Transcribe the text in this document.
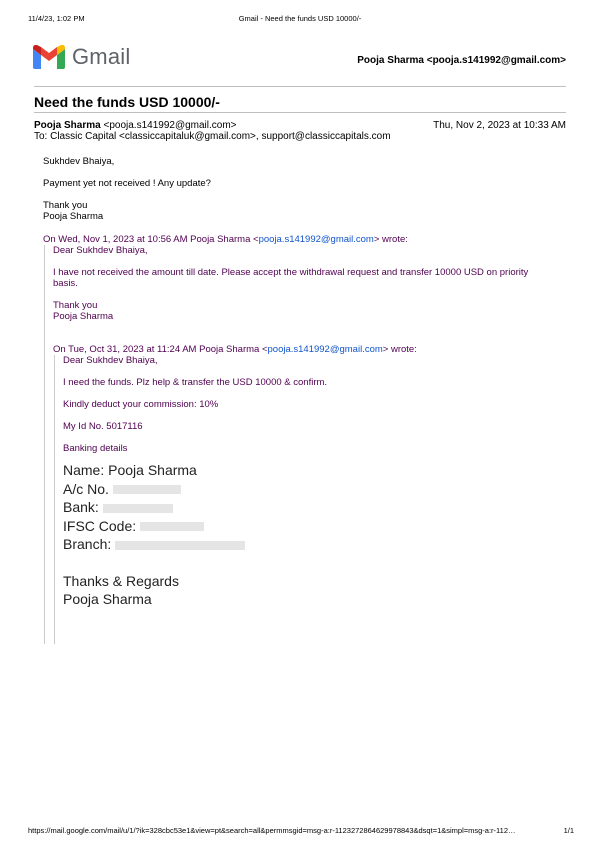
11/4/23, 1:02 PM	Gmail - Need the funds USD 10000/-
Gmail	Pooja Sharma <pooja.s141992@gmail.com>
Need the funds USD 10000/-
Pooja Sharma <pooja.s141992@gmail.com>	Thu, Nov 2, 2023 at 10:33 AM
To: Classic Capital <classiccapitaluk@gmail.com>, support@classiccapitals.com

Sukhdev Bhaiya,

Payment yet not received ! Any update?

Thank you
Pooja Sharma

On Wed, Nov 1, 2023 at 10:56 AM Pooja Sharma <pooja.s141992@gmail.com> wrote:

Dear Sukhdev Bhaiya,

I have not received the amount till date. Please accept the withdrawal request and transfer 10000 USD on priority basis.

Thank you
Pooja Sharma

On Tue, Oct 31, 2023 at 11:24 AM Pooja Sharma <pooja.s141992@gmail.com> wrote:

Dear Sukhdev Bhaiya,

I need the funds. Plz help & transfer the USD 10000 & confirm.

Kindly deduct your commission: 10%

My Id No. 5017116

Banking details

Name: Pooja Sharma
A/c No.
Bank:
IFSC Code:
Branch:
Thanks & Regards
Pooja Sharma
https://mail.google.com/mail/u/1/?ik=328cbc53e1&view=pt&search=all&permmsgid=msg-a:r-1123272864629978843&dsqt=1&simpl=msg-a:r-112…	1/1
